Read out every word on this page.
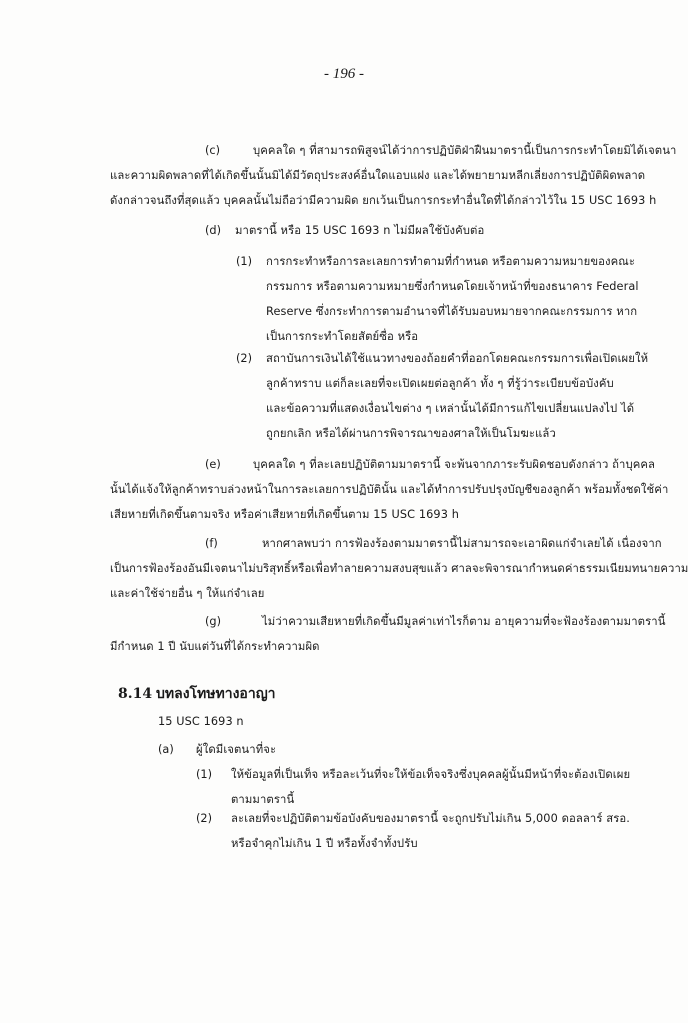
- 196 -
(c)	บุคคลใด ๆ ที่สามารถพิสูจน์ได้ว่าการปฏิบัติฝ่าฝืนมาตรานี้เป็นการกระทำโดยมิได้เจตนา
และความผิดพลาดที่ได้เกิดขึ้นนั้นมิได้มีวัตถุประสงค์อื่นใดแอบแฝง และได้พยายามหลีกเลี่ยงการปฏิบัติผิดพลาด
ดังกล่าวจนถึงที่สุดแล้ว บุคคลนั้นไม่ถือว่ามีความผิด ยกเว้นเป็นการกระทำอื่นใดที่ได้กล่าวไว้ใน 15 USC 1693 h
(d) มาตรานี้ หรือ 15 USC 1693 n ไม่มีผลใช้บังคับต่อ
(1) การกระทำหรือการละเลยการทำตามที่กำหนด หรือตามความหมายของคณะ
กรรมการ หรือตามความหมายซึ่งกำหนดโดยเจ้าหน้าที่ของธนาคาร Federal
Reserve ซึ่งกระทำการตามอำนาจที่ได้รับมอบหมายจากคณะกรรมการ หาก
เป็นการกระทำโดยสัตย์ซื่อ หรือ
(2) สถาบันการเงินได้ใช้แนวทางของถ้อยคำที่ออกโดยคณะกรรมการเพื่อเปิดเผยให้
ลูกค้าทราบ แต่ก็ละเลยที่จะเปิดเผยต่อลูกค้า ทั้ง ๆ ที่รู้ว่าระเบียบข้อบังคับ
และข้อความที่แสดงเงื่อนไขต่าง ๆ เหล่านั้นได้มีการแก้ไขเปลี่ยนแปลงไป ได้
ถูกยกเลิก หรือได้ผ่านการพิจารณาของศาลให้เป็นโมฆะแล้ว
(e)	บุคคลใด ๆ ที่ละเลยปฏิบัติตามมาตรานี้ จะพ้นจากภาระรับผิดชอบดังกล่าว ถ้าบุคคล
นั้นได้แจ้งให้ลูกค้าทราบล่วงหน้าในการละเลยการปฏิบัตินั้น และได้ทำการปรับปรุงบัญชีของลูกค้า พร้อมทั้งชดใช้ค่า
เสียหายที่เกิดขึ้นตามจริง หรือค่าเสียหายที่เกิดขึ้นตาม 15 USC 1693 h
(f)	หากศาลพบว่า การฟ้องร้องตามมาตรานี้ไม่สามารถจะเอาผิดแก่จำเลยได้ เนื่องจาก
เป็นการฟ้องร้องอันมีเจตนาไม่บริสุทธิ์หรือเพื่อทำลายความสงบสุขแล้ว ศาลจะพิจารณากำหนดค่าธรรมเนียมทนายความ
และค่าใช้จ่ายอื่น ๆ ให้แก่จำเลย
(g)	ไม่ว่าความเสียหายที่เกิดขึ้นมีมูลค่าเท่าไรก็ตาม อายุความที่จะฟ้องร้องตามมาตรานี้
มีกำหนด 1 ปี นับแต่วันที่ได้กระทำความผิด
8.14 บทลงโทษทางอาญา
15 USC 1693 n
(a) ผู้ใดมีเจตนาที่จะ
(1) ให้ข้อมูลที่เป็นเท็จ หรือละเว้นที่จะให้ข้อเท็จจริงซึ่งบุคคลผู้นั้นมีหน้าที่จะต้องเปิดเผย
ตามมาตรานี้
(2) ละเลยที่จะปฏิบัติตามข้อบังคับของมาตรานี้ จะถูกปรับไม่เกิน 5,000 ดอลลาร์ สรอ.
หรือจำคุกไม่เกิน 1 ปี หรือทั้งจำทั้งปรับ
